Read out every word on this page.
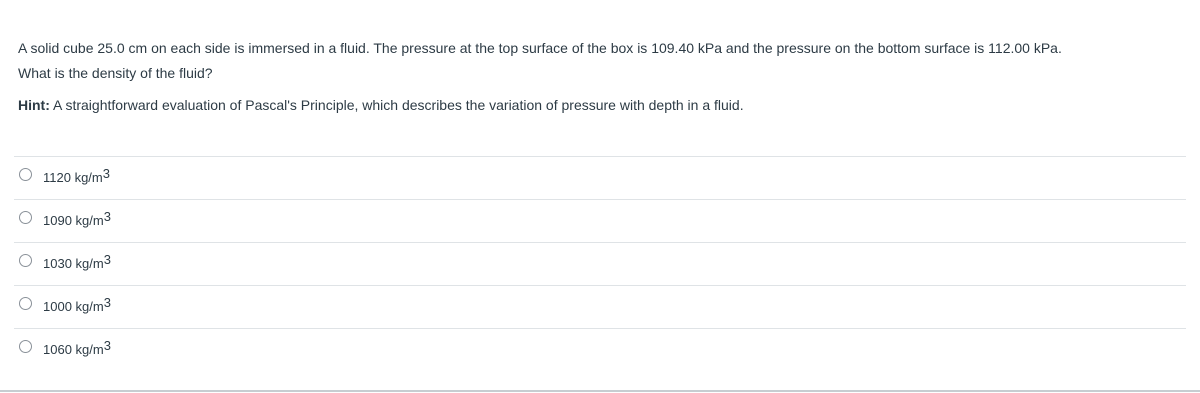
A solid cube 25.0 cm on each side is immersed in a fluid. The pressure at the top surface of the box is 109.40 kPa and the pressure on the bottom surface is 112.00 kPa.

What is the density of the fluid?

Hint: A straightforward evaluation of Pascal's Principle, which describes the variation of pressure with depth in a fluid.

1120 $kg/m^3$
1090 $kg/m^3$
1030 $kg/m^3$
1000 $kg/m^3$
1060 $kg/m^3$
